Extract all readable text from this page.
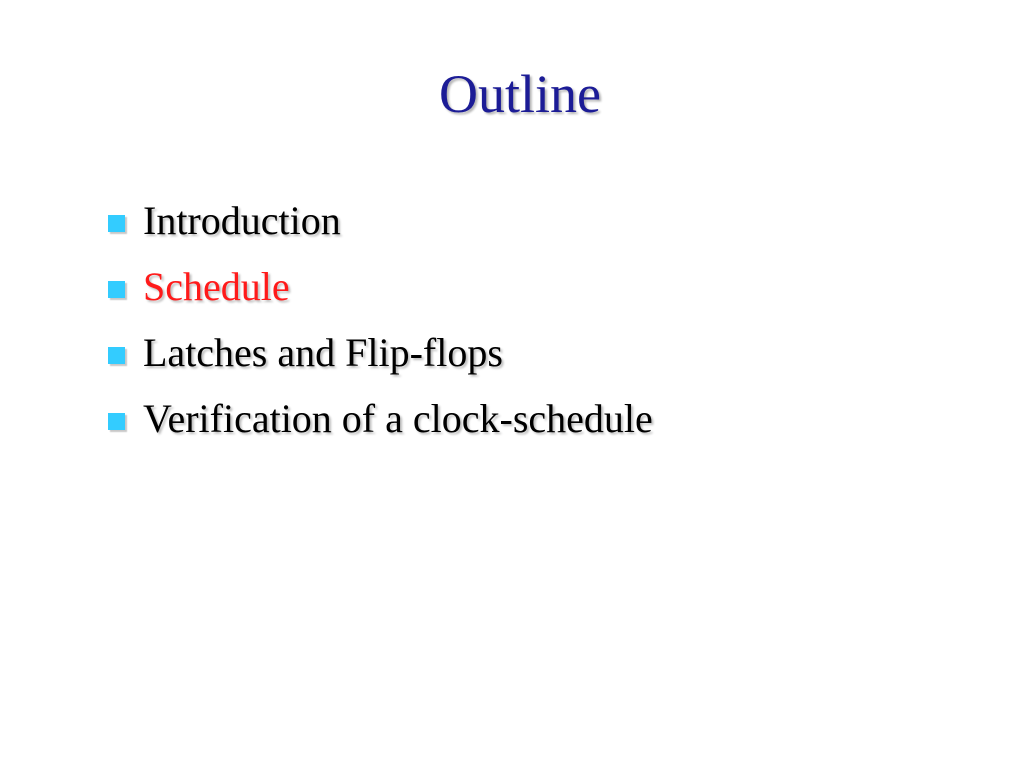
Outline
Introduction
Schedule
Latches and Flip-flops
Verification of a clock-schedule
